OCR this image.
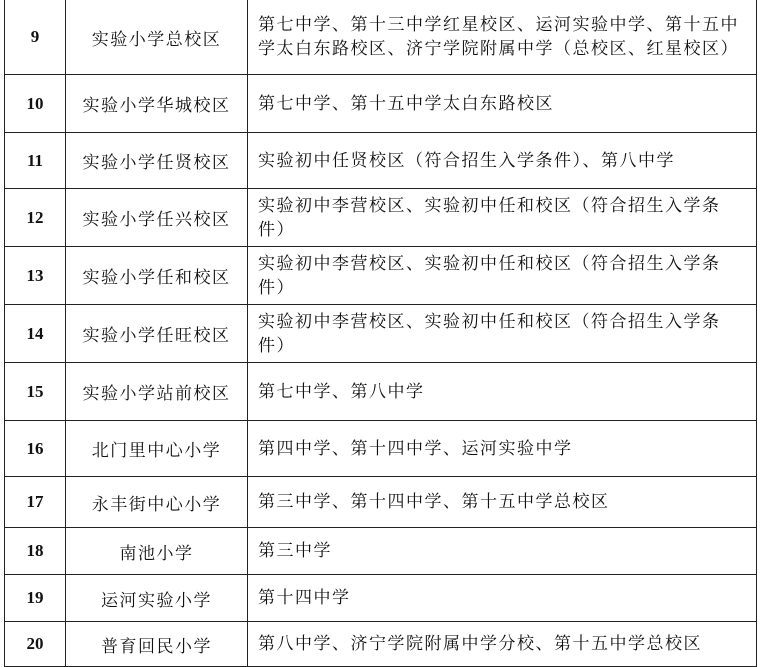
9	实验小学总校区	第七中学、第十三中学红星校区、运河实验中学、第十五中学太白东路校区、济宁学院附属中学（总校区、红星校区）
10	实验小学华城校区	第七中学、第十五中学太白东路校区
11	实验小学任贤校区	实验初中任贤校区（符合招生入学条件）、第八中学
12	实验小学任兴校区	实验初中李营校区、实验初中任和校区（符合招生入学条件）
13	实验小学任和校区	实验初中李营校区、实验初中任和校区（符合招生入学条件）
14	实验小学任旺校区	实验初中李营校区、实验初中任和校区（符合招生入学条件）
15	实验小学站前校区	第七中学、第八中学
16	北门里中心小学	第四中学、第十四中学、运河实验中学
17	永丰街中心小学	第三中学、第十四中学、第十五中学总校区
18	南池小学	第三中学
19	运河实验小学	第十四中学
20	普育回民小学	第八中学、济宁学院附属中学分校、第十五中学总校区
